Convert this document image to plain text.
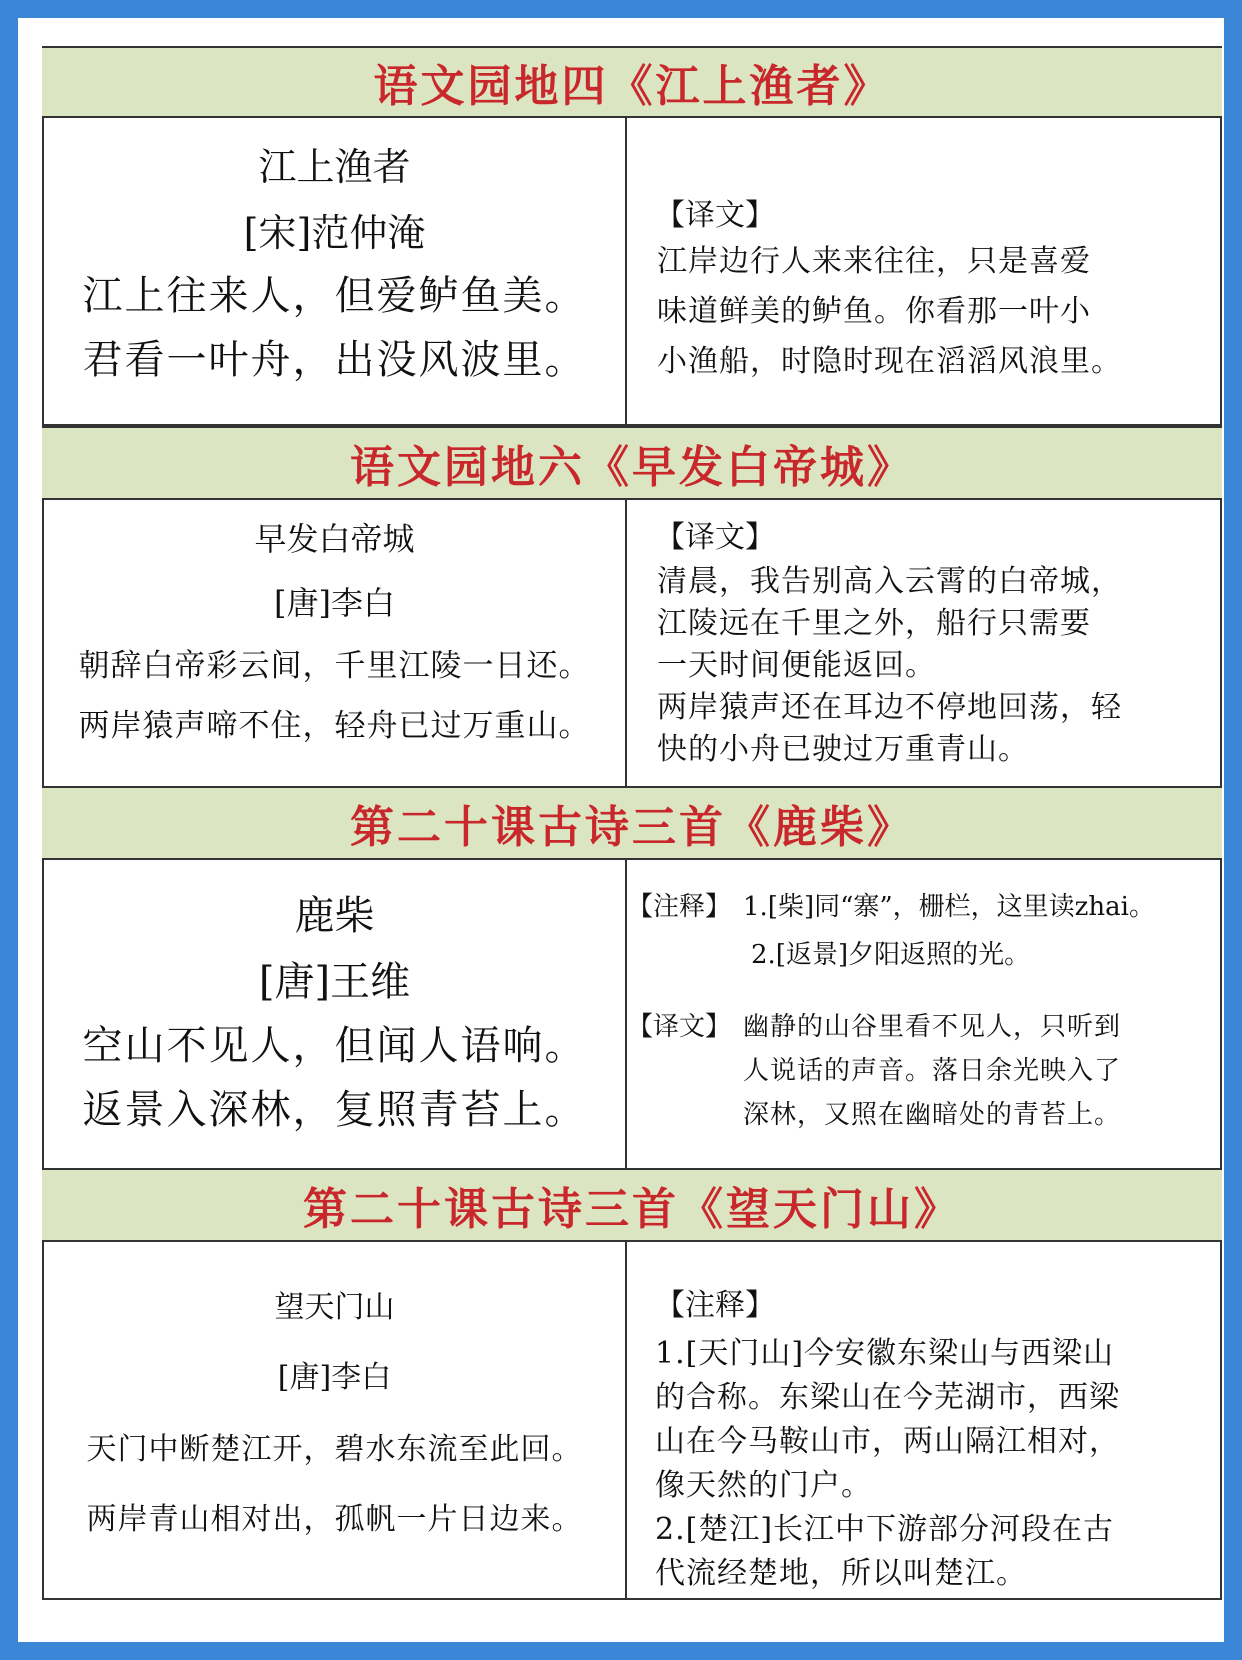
语文园地四《江上渔者》
江上渔者
[宋]范仲淹
江上往来人，但爱鲈鱼美。
君看一叶舟，出没风波里。
【译文】
江岸边行人来来往往，只是喜爱
味道鲜美的鲈鱼。你看那一叶小
小渔船，时隐时现在滔滔风浪里。
语文园地六《早发白帝城》
早发白帝城
[唐]李白
朝辞白帝彩云间，千里江陵一日还。
两岸猿声啼不住，轻舟已过万重山。
【译文】
清晨，我告别高入云霄的白帝城，
江陵远在千里之外，船行只需要
一天时间便能返回。
两岸猿声还在耳边不停地回荡，轻
快的小舟已驶过万重青山。
第二十课古诗三首《鹿柴》
鹿柴
[唐]王维
空山不见人，但闻人语响。
返景入深林，复照青苔上。
【注释】 1.[柴]同“寨”，栅栏，这里读zhai。
2.[返景]夕阳返照的光。
【译文】 幽静的山谷里看不见人，只听到
人说话的声音。落日余光映入了
深林，又照在幽暗处的青苔上。
第二十课古诗三首《望天门山》
望天门山
[唐]李白
天门中断楚江开，碧水东流至此回。
两岸青山相对出，孤帆一片日边来。
【注释】
1.[天门山]今安徽东梁山与西梁山
的合称。东梁山在今芜湖市，西梁
山在今马鞍山市，两山隔江相对，
像天然的门户。
2.[楚江]长江中下游部分河段在古
代流经楚地，所以叫楚江。
